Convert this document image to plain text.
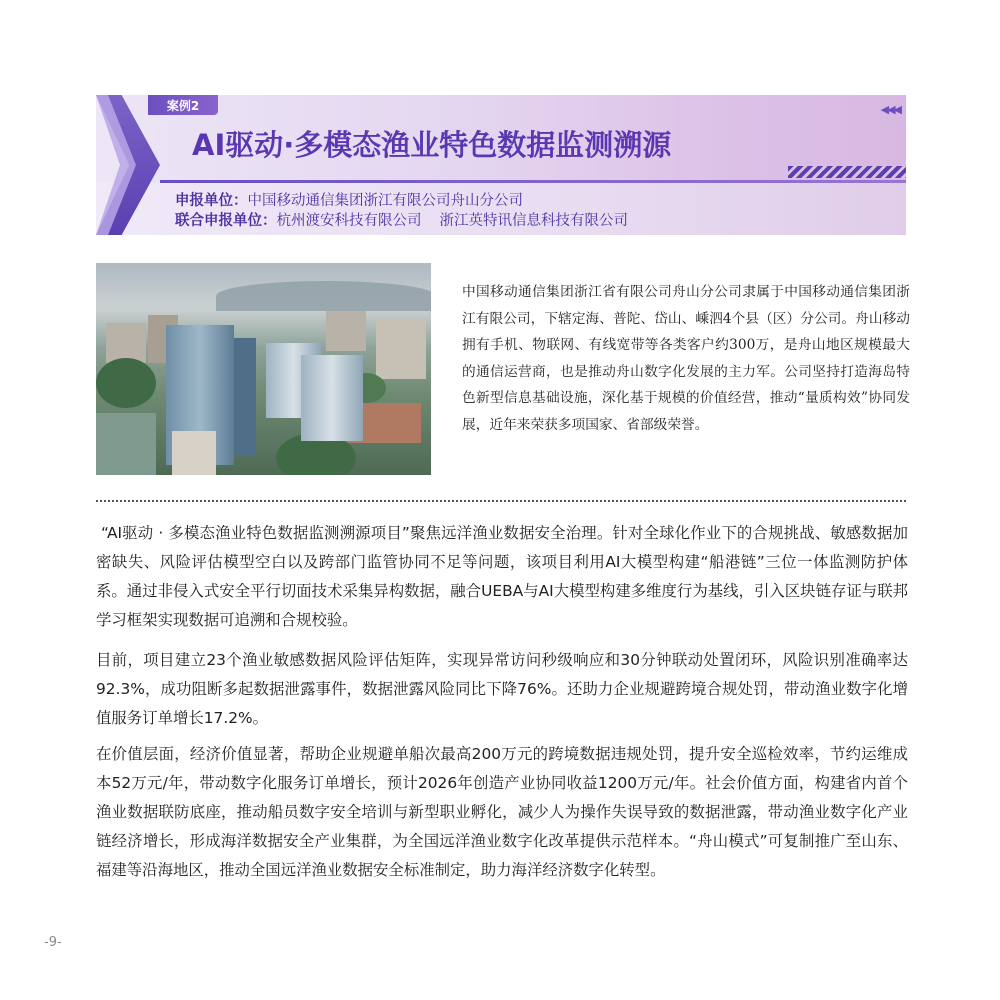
案例2
AI驱动·多模态渔业特色数据监测溯源
◀◀◀
申报单位：中国移动通信集团浙江有限公司舟山分公司
联合申报单位：杭州渡安科技有限公司 浙江英特讯信息科技有限公司
中国移动通信集团浙江省有限公司舟山分公司隶属于中国移动通信集团浙江有限公司，下辖定海、普陀、岱山、嵊泗4个县（区）分公司。舟山移动拥有手机、物联网、有线宽带等各类客户约300万，是舟山地区规模最大的通信运营商，也是推动舟山数字化发展的主力军。公司坚持打造海岛特色新型信息基础设施，深化基于规模的价值经营，推动“量质构效”协同发展，近年来荣获多项国家、省部级荣誉。
“AI驱动 · 多模态渔业特色数据监测溯源项目”聚焦远洋渔业数据安全治理。针对全球化作业下的合规挑战、敏感数据加密缺失、风险评估模型空白以及跨部门监管协同不足等问题，该项目利用AI大模型构建“船港链”三位一体监测防护体系。通过非侵入式安全平行切面技术采集异构数据，融合UEBA与AI大模型构建多维度行为基线，引入区块链存证与联邦学习框架实现数据可追溯和合规校验。
目前，项目建立23个渔业敏感数据风险评估矩阵，实现异常访问秒级响应和30分钟联动处置闭环，风险识别准确率达92.3%，成功阻断多起数据泄露事件，数据泄露风险同比下降76%。还助力企业规避跨境合规处罚，带动渔业数字化增值服务订单增长17.2%。
在价值层面，经济价值显著，帮助企业规避单船次最高200万元的跨境数据违规处罚，提升安全巡检效率，节约运维成本52万元/年，带动数字化服务订单增长，预计2026年创造产业协同收益1200万元/年。社会价值方面，构建省内首个渔业数据联防底座，推动船员数字安全培训与新型职业孵化，减少人为操作失误导致的数据泄露，带动渔业数字化产业链经济增长，形成海洋数据安全产业集群，为全国远洋渔业数字化改革提供示范样本。“舟山模式”可复制推广至山东、福建等沿海地区，推动全国远洋渔业数据安全标准制定，助力海洋经济数字化转型。
-9-
